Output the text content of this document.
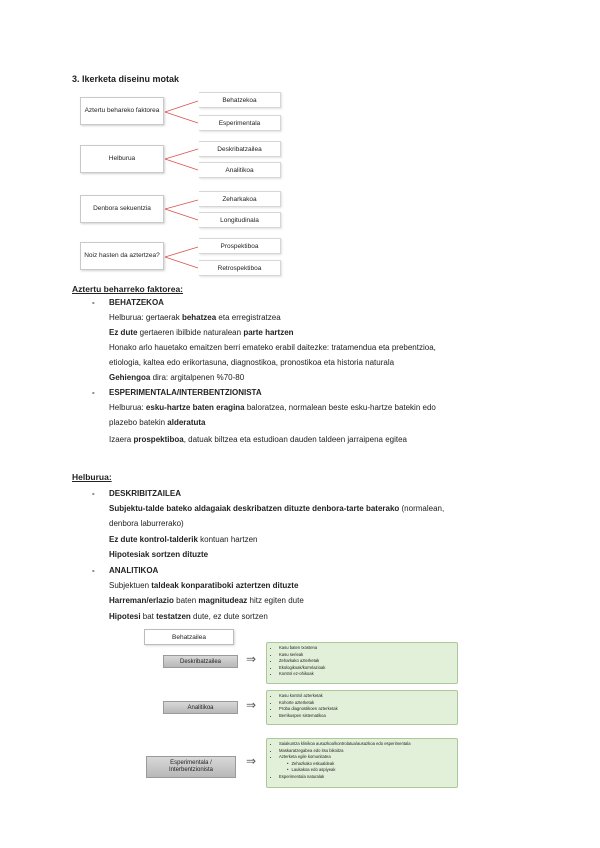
3. Ikerketa diseinu motak
Aztertu behareko faktorea
Behatzekoa
Esperimentala
Helburua
Deskribatzailea
Analitikoa
Denbora sekuentzia
Zeharkakoa
Longitudinala
Noiz hasten da aztertzea?
Prospektiboa
Retrospektiboa
Aztertu beharreko faktorea:
- BEHATZEKOA
Helburua: gertaerak behatzea eta erregistratzea
Ez dute gertaeren ibilbide naturalean parte hartzen
Honako arlo hauetako emaitzen berri emateko erabil daitezke: tratamendua eta prebentzioa,
etiologia, kaltea edo erikortasuna, diagnostikoa, pronostikoa eta historia naturala
Gehiengoa dira: argitalpenen %70-80
- ESPERIMENTALA/INTERBENTZIONISTA
Helburua: esku-hartze baten eragina baloratzea, normalean beste esku-hartze batekin edo
plazebo batekin alderatuta
Izaera prospektiboa, datuak biltzea eta estudioan dauden taldeen jarraipena egitea
Helburua:
- DESKRIBITZAILEA
Subjektu-talde bateko aldagaiak deskribatzen dituzte denbora-tarte baterako (normalean,
denbora laburrerako)
Ez dute kontrol-talderik kontuan hartzen
Hipotesiak sortzen dituzte
- ANALITIKOA
Subjektuen taldeak konparatiboki aztertzen dituzte
Harreman/erlazio baten magnitudeaz hitz egiten dute
Hipotesi bat testatzen dute, ez dute sortzen
Behatzailea
Deskribatzailea	⇒
• Kasu baten txostena
• Kasu serieak
• Zeharkako azterketak
• Ekologikoak/korrelazioak
• Kontrol ez-ohikoak
Analitikoa	⇒
• Kasu kontrol azterketak
• Kohorte azterketak
• Proba diagnostikoen azterketak
• Berrikuspen sistematikoa
Esperimentala / Interbentzionista
⇒
• Saiakuntza klinikoa ausazkoa/kontrolatua/ausazkoa edo esperimentala
• Maskaratzegabea edo itsu bikoitza
• Azterketa egile komunitatea
• Zehazkako eskualdeak
• Laukakoa edo aspiyeak
• Esperimentala naturalak
